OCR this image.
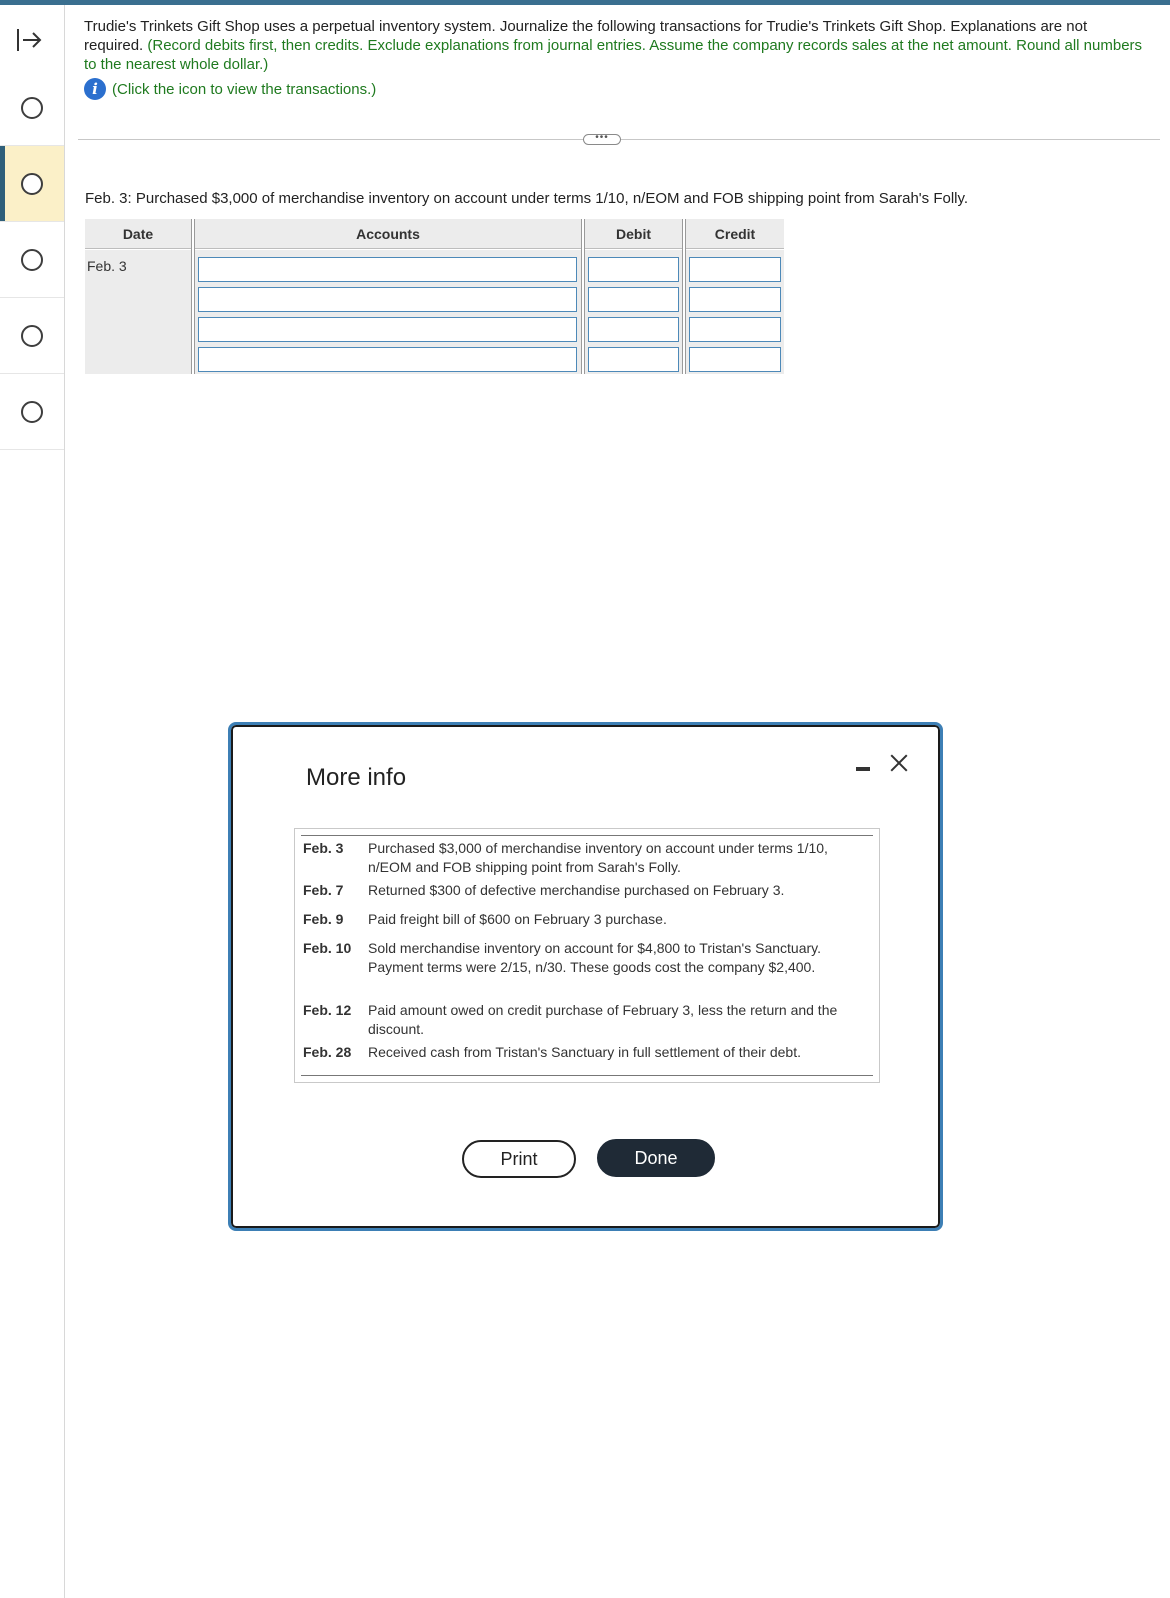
Trudie's Trinkets Gift Shop uses a perpetual inventory system. Journalize the following transactions for Trudie's Trinkets Gift Shop. Explanations are not required. (Record debits first, then credits. Exclude explanations from journal entries. Assume the company records sales at the net amount. Round all numbers to the nearest whole dollar.)

i (Click the icon to view the transactions.)
•••
Feb. 3: Purchased $3,000 of merchandise inventory on account under terms 1/10, n/EOM and FOB shipping point from Sarah's Folly.
Date	Accounts	Debit	Credit
Feb. 3
More info
Feb. 3 Purchased $3,000 of merchandise inventory on account under terms 1/10, n/EOM and FOB shipping point from Sarah's Folly.
Feb. 7 Returned $300 of defective merchandise purchased on February 3.
Feb. 9 Paid freight bill of $600 on February 3 purchase.
Feb. 10 Sold merchandise inventory on account for $4,800 to Tristan's Sanctuary. Payment terms were 2/15, n/30. These goods cost the company $2,400.
Feb. 12 Paid amount owed on credit purchase of February 3, less the return and the discount.
Feb. 28 Received cash from Tristan's Sanctuary in full settlement of their debt.
Print	Done
